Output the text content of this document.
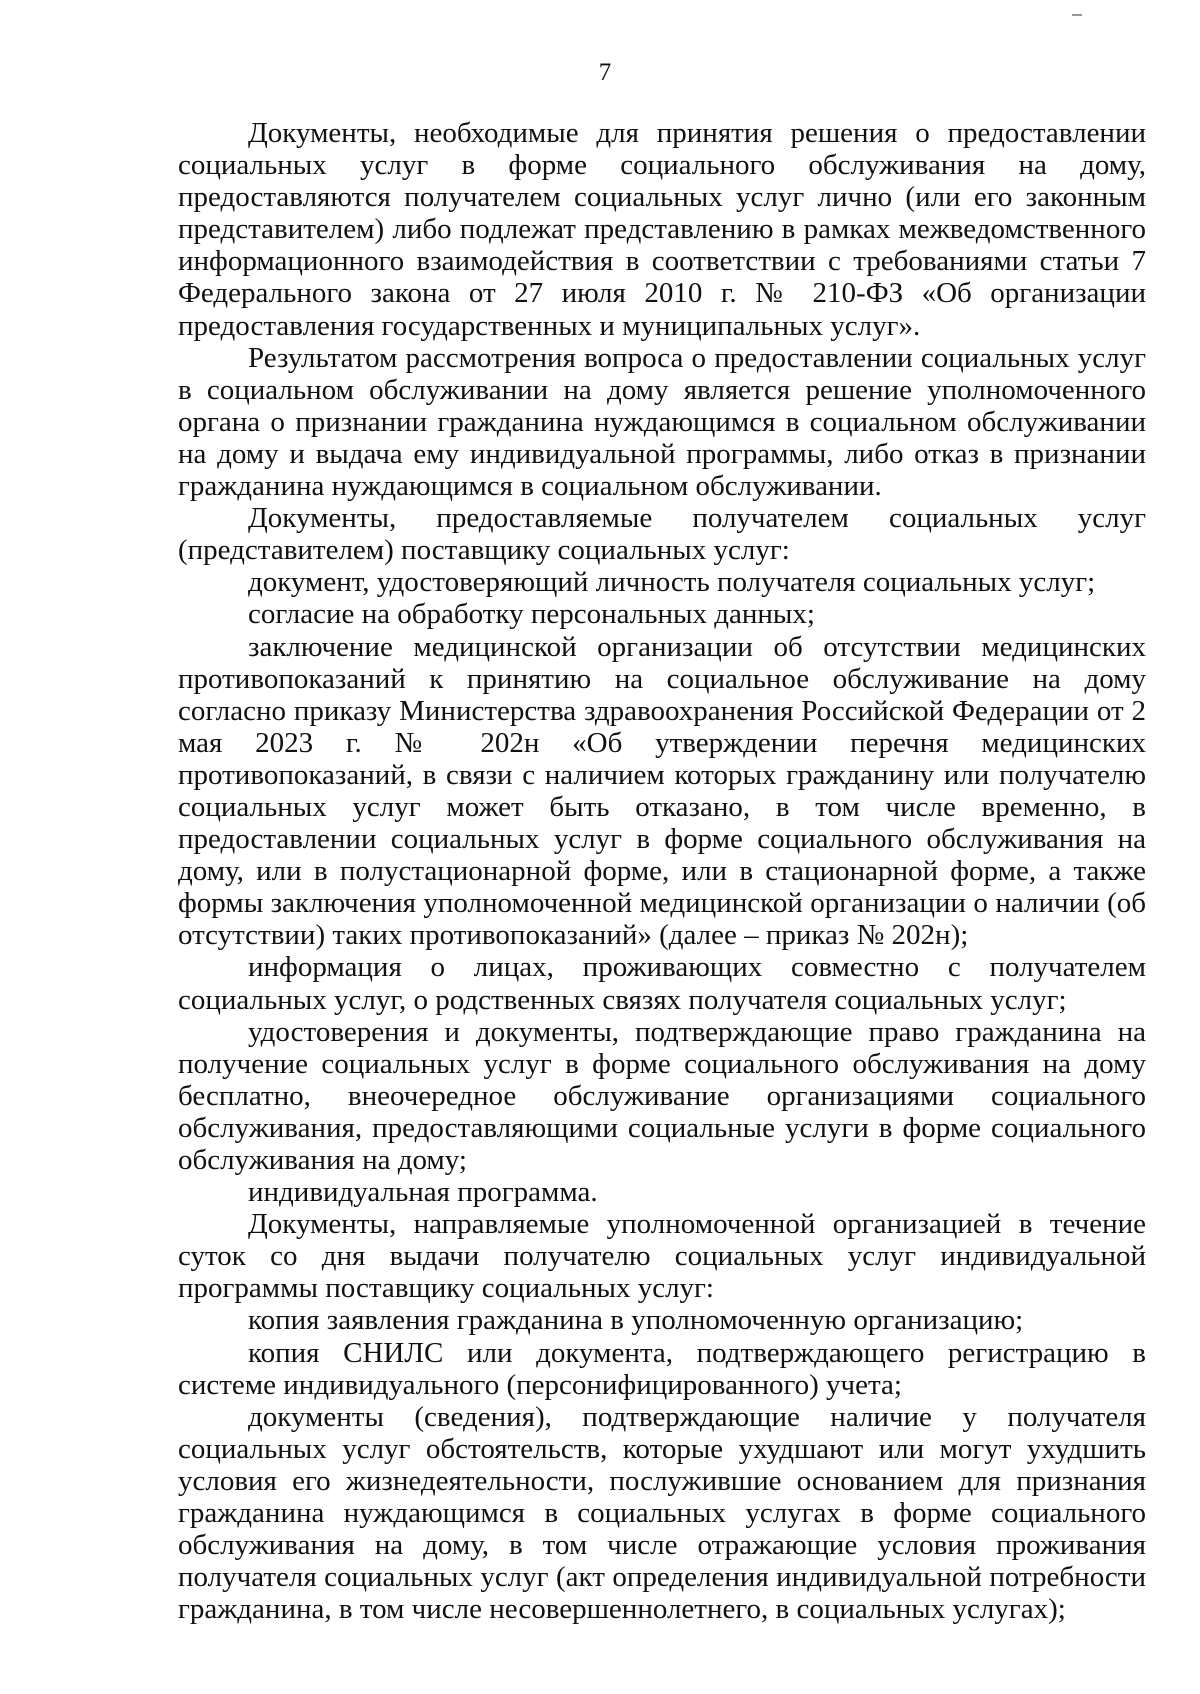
7

Документы, необходимые для принятия решения о предоставлении социальных услуг в форме социального обслуживания на дому, предоставляются получателем социальных услуг лично (или его законным представителем) либо подлежат представлению в рамках межведомственного информационного взаимодействия в соответствии с требованиями статьи 7 Федерального закона от 27 июля 2010 г. № 210-ФЗ «Об организации предоставления государственных и муниципальных услуг».

Результатом рассмотрения вопроса о предоставлении социальных услуг в социальном обслуживании на дому является решение уполномоченного органа о признании гражданина нуждающимся в социальном обслуживании на дому и выдача ему индивидуальной программы, либо отказ в признании гражданина нуждающимся в социальном обслуживании.

Документы, предоставляемые получателем социальных услуг (представителем) поставщику социальных услуг:

документ, удостоверяющий личность получателя социальных услуг;

согласие на обработку персональных данных;

заключение медицинской организации об отсутствии медицинских противопоказаний к принятию на социальное обслуживание на дому согласно приказу Министерства здравоохранения Российской Федерации от 2 мая 2023 г. № 202н «Об утверждении перечня медицинских противопоказаний, в связи с наличием которых гражданину или получателю социальных услуг может быть отказано, в том числе временно, в предоставлении социальных услуг в форме социального обслуживания на дому, или в полустационарной форме, или в стационарной форме, а также формы заключения уполномоченной медицинской организации о наличии (об отсутствии) таких противопоказаний» (далее – приказ № 202н);

информация о лицах, проживающих совместно с получателем социальных услуг, о родственных связях получателя социальных услуг;

удостоверения и документы, подтверждающие право гражданина на получение социальных услуг в форме социального обслуживания на дому бесплатно, внеочередное обслуживание организациями социального обслуживания, предоставляющими социальные услуги в форме социального обслуживания на дому;

индивидуальная программа.

Документы, направляемые уполномоченной организацией в течение суток со дня выдачи получателю социальных услуг индивидуальной программы поставщику социальных услуг:

копия заявления гражданина в уполномоченную организацию;

копия СНИЛС или документа, подтверждающего регистрацию в системе индивидуального (персонифицированного) учета;

документы (сведения), подтверждающие наличие у получателя социальных услуг обстоятельств, которые ухудшают или могут ухудшить условия его жизнедеятельности, послужившие основанием для признания гражданина нуждающимся в социальных услугах в форме социального обслуживания на дому, в том числе отражающие условия проживания получателя социальных услуг (акт определения индивидуальной потребности гражданина, в том числе несовершеннолетнего, в социальных услугах);
